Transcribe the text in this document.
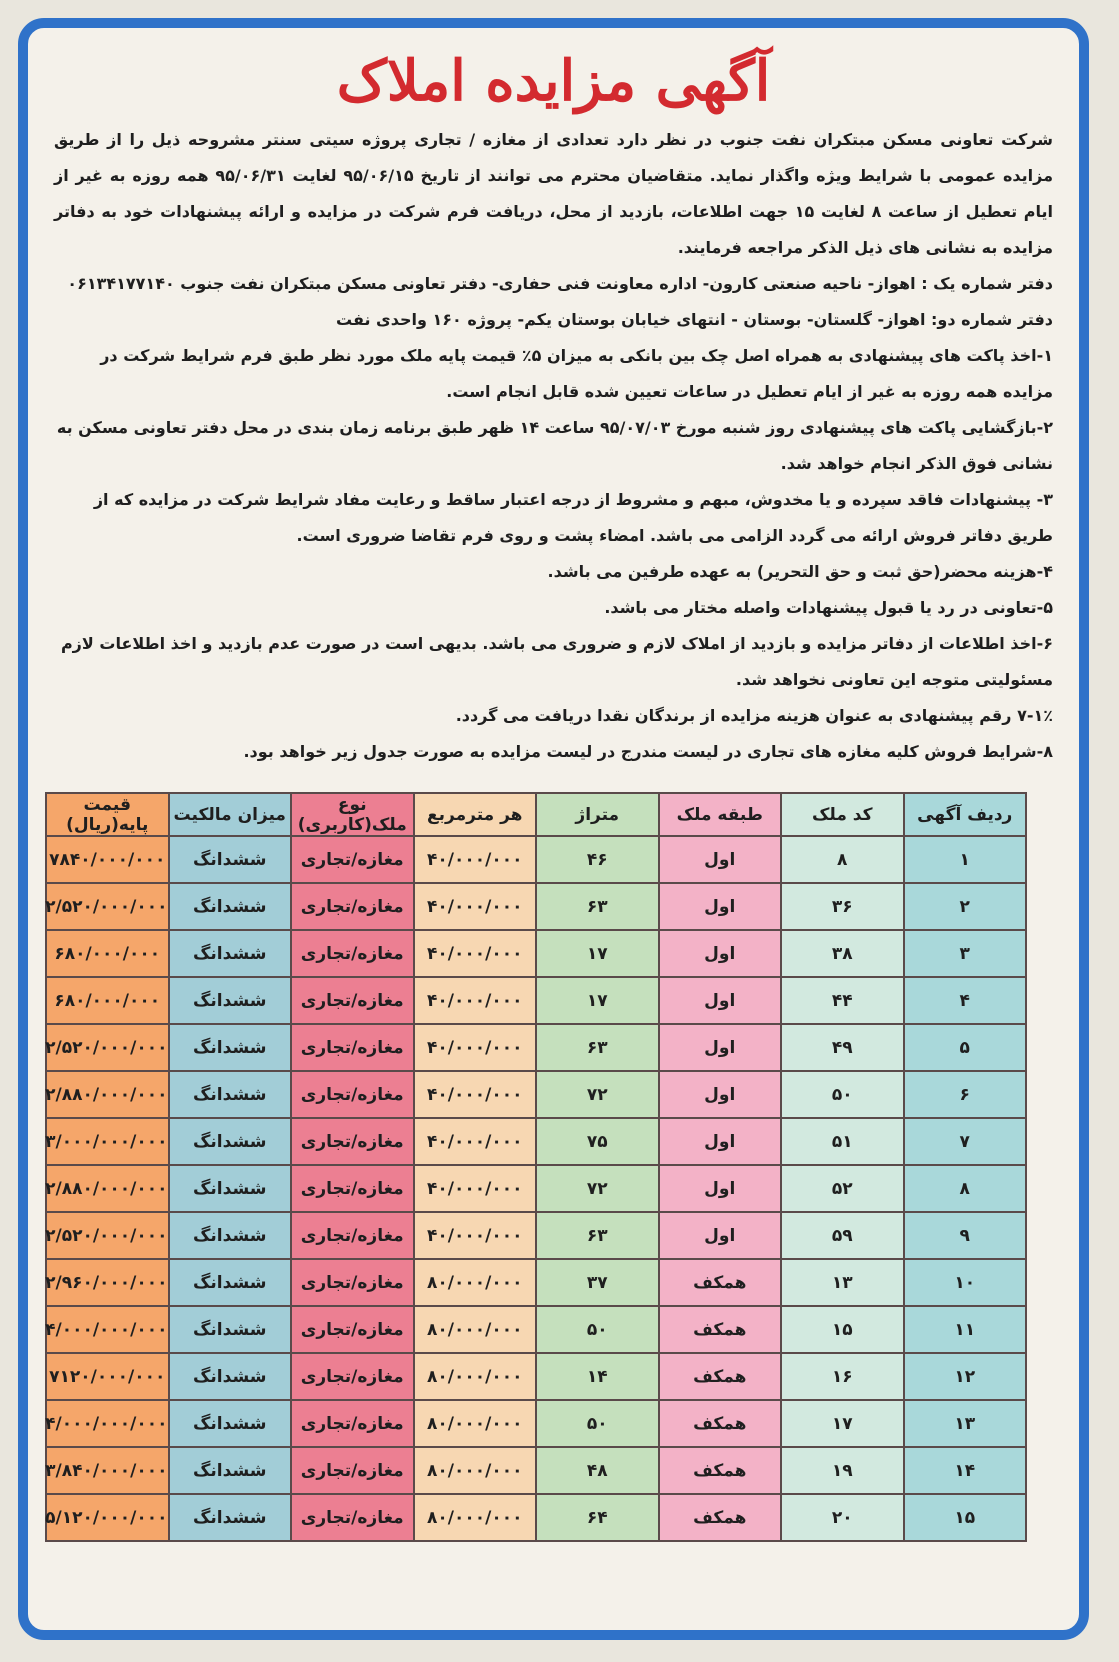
آگهی مزایده املاک

شرکت تعاونی مسکن مبتکران نفت جنوب در نظر دارد تعدادی از مغازه / تجاری پروژه سیتی سنتر مشروحه ذیل را از طریق مزایده عمومی با شرایط ویژه واگذار نماید. متقاضیان محترم می توانند از تاریخ ۹۵/۰۶/۱۵ لغایت ۹۵/۰۶/۳۱ همه روزه به غیر از ایام تعطیل از ساعت ۸ لغایت ۱۵ جهت اطلاعات، بازدید از محل، دریافت فرم شرکت در مزایده و ارائه پیشنهادات خود به دفاتر مزایده به نشانی های ذیل الذکر مراجعه فرمایند.

دفتر شماره یک : اهواز- ناحیه صنعتی کارون- اداره معاونت فنی حفاری- دفتر تعاونی مسکن مبتکران نفت جنوب ۰۶۱۳۴۱۷۷۱۴۰

دفتر شماره دو: اهواز- گلستان- بوستان - انتهای خیابان بوستان یکم- پروژه ۱۶۰ واحدی نفت

۱-اخذ پاکت های پیشنهادی به همراه اصل چک بین بانکی به میزان ۵٪ قیمت پایه ملک مورد نظر طبق فرم شرایط شرکت در مزایده همه روزه به غیر از ایام تعطیل در ساعات تعیین شده قابل انجام است.

۲-بازگشایی پاکت های پیشنهادی روز شنبه مورخ ۹۵/۰۷/۰۳ ساعت ۱۴ ظهر طبق برنامه زمان بندی در محل دفتر تعاونی مسکن به نشانی فوق الذکر انجام خواهد شد.

۳- پیشنهادات فاقد سپرده و یا مخدوش، مبهم و مشروط از درجه اعتبار ساقط و رعایت مفاد شرایط شرکت در مزایده که از طریق دفاتر فروش ارائه می گردد الزامی می باشد. امضاء پشت و روی فرم تقاضا ضروری است.

۴-هزینه محضر(حق ثبت و حق التحریر) به عهده طرفین می باشد.

۵-تعاونی در رد یا قبول پیشنهادات واصله مختار می باشد.

۶-اخذ اطلاعات از دفاتر مزایده و بازدید از املاک لازم و ضروری می باشد. بدیهی است در صورت عدم بازدید و اخذ اطلاعات لازم مسئولیتی متوجه این تعاونی نخواهد شد.

۷-۱٪ رقم پیشنهادی به عنوان هزینه مزایده از برندگان نقدا دریافت می گردد.

۸-شرایط فروش کلیه مغازه های تجاری در لیست مندرج در لیست مزایده به صورت جدول زیر خواهد بود.

ردیف آگهی	کد ملک	طبقه ملک	متراژ	هر مترمربع	نوع ملک(کاربری)	میزان مالکیت	قیمت پایه(ریال)
۱	۸	اول	۴۶	۴۰/۰۰۰/۰۰۰	مغازه/تجاری	ششدانگ	۷۸۴۰/۰۰۰/۰۰۰
۲	۳۶	اول	۶۳	۴۰/۰۰۰/۰۰۰	مغازه/تجاری	ششدانگ	۲/۵۲۰/۰۰۰/۰۰۰
۳	۳۸	اول	۱۷	۴۰/۰۰۰/۰۰۰	مغازه/تجاری	ششدانگ	۶۸۰/۰۰۰/۰۰۰
۴	۴۴	اول	۱۷	۴۰/۰۰۰/۰۰۰	مغازه/تجاری	ششدانگ	۶۸۰/۰۰۰/۰۰۰
۵	۴۹	اول	۶۳	۴۰/۰۰۰/۰۰۰	مغازه/تجاری	ششدانگ	۲/۵۲۰/۰۰۰/۰۰۰
۶	۵۰	اول	۷۲	۴۰/۰۰۰/۰۰۰	مغازه/تجاری	ششدانگ	۲/۸۸۰/۰۰۰/۰۰۰
۷	۵۱	اول	۷۵	۴۰/۰۰۰/۰۰۰	مغازه/تجاری	ششدانگ	۳/۰۰۰/۰۰۰/۰۰۰
۸	۵۲	اول	۷۲	۴۰/۰۰۰/۰۰۰	مغازه/تجاری	ششدانگ	۲/۸۸۰/۰۰۰/۰۰۰
۹	۵۹	اول	۶۳	۴۰/۰۰۰/۰۰۰	مغازه/تجاری	ششدانگ	۲/۵۲۰/۰۰۰/۰۰۰
۱۰	۱۳	همکف	۳۷	۸۰/۰۰۰/۰۰۰	مغازه/تجاری	ششدانگ	۲/۹۶۰/۰۰۰/۰۰۰
۱۱	۱۵	همکف	۵۰	۸۰/۰۰۰/۰۰۰	مغازه/تجاری	ششدانگ	۴/۰۰۰/۰۰۰/۰۰۰
۱۲	۱۶	همکف	۱۴	۸۰/۰۰۰/۰۰۰	مغازه/تجاری	ششدانگ	۷۱۲۰/۰۰۰/۰۰۰
۱۳	۱۷	همکف	۵۰	۸۰/۰۰۰/۰۰۰	مغازه/تجاری	ششدانگ	۴/۰۰۰/۰۰۰/۰۰۰
۱۴	۱۹	همکف	۴۸	۸۰/۰۰۰/۰۰۰	مغازه/تجاری	ششدانگ	۳/۸۴۰/۰۰۰/۰۰۰
۱۵	۲۰	همکف	۶۴	۸۰/۰۰۰/۰۰۰	مغازه/تجاری	ششدانگ	۵/۱۲۰/۰۰۰/۰۰۰
